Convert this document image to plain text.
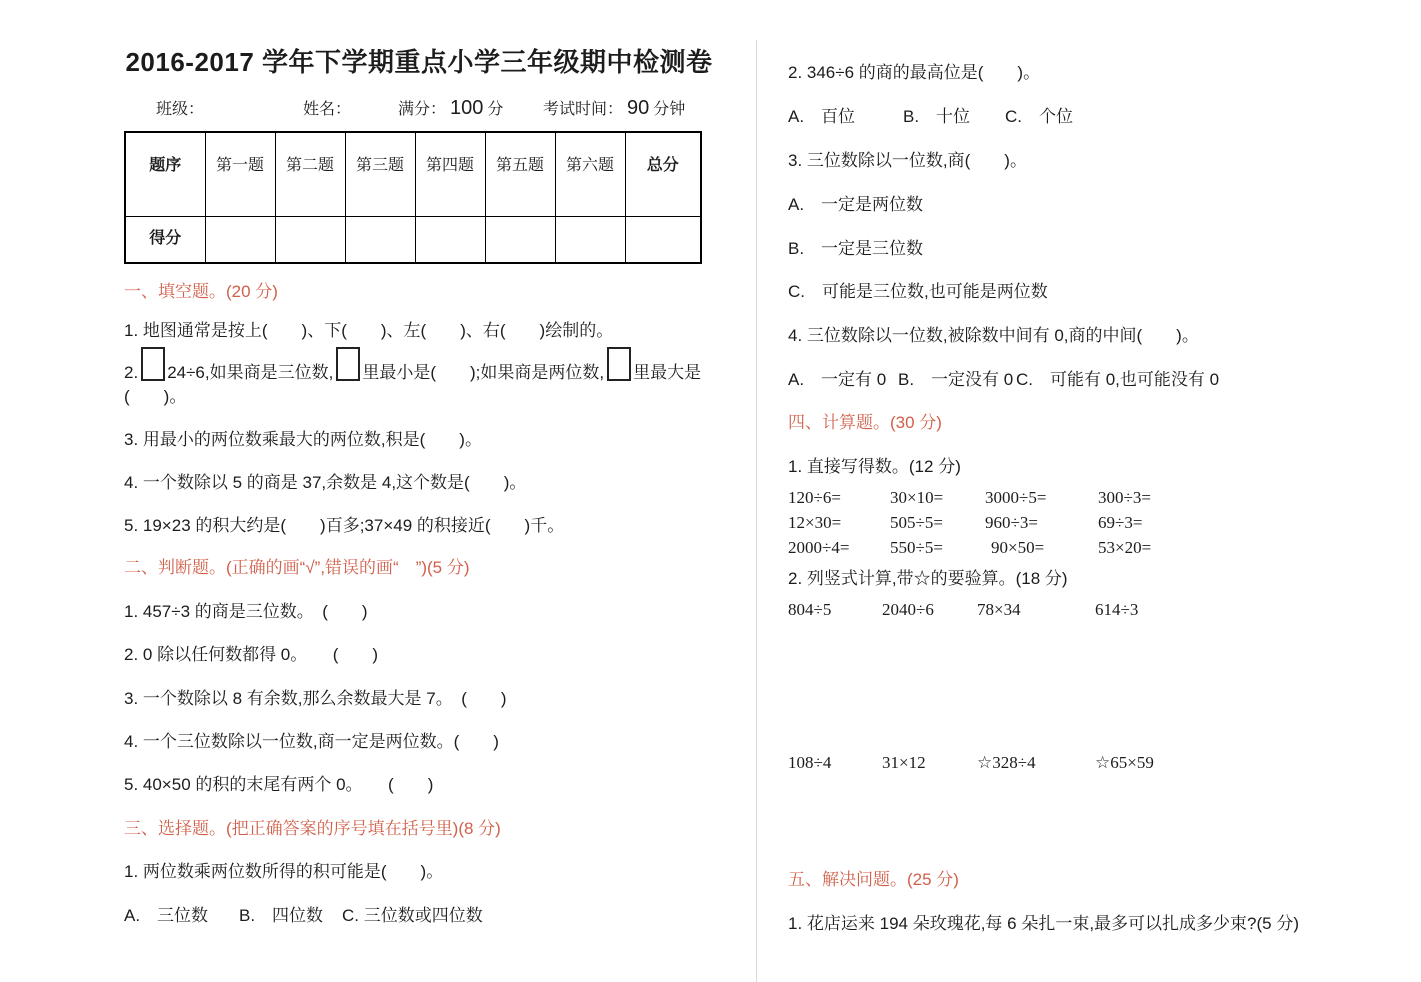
2016-2017 学年下学期重点小学三年级期中检测卷
班级：	姓名：	满分： 100 分	考试时间： 90 分钟
题序	第一题	第二题	第三题	第四题	第五题	第六题	总分
得分							
一、填空题。(20 分)
1. 地图通常是按上(　　)、下(　　)、左(　　)、右(　　)绘制的。
2. 24÷6,如果商是三位数, 里最小是(　　);如果商是两位数, 里最大是(　　)。
3. 用最小的两位数乘最大的两位数,积是(　　)。
4. 一个数除以 5 的商是 37,余数是 4,这个数是(　　)。
5. 19×23 的积大约是(　　)百多;37×49 的积接近(　　)千。
二、判断题。(正确的画“√”,错误的画“　”)(5 分)
1. 457÷3 的商是三位数。　(　　)
2. 0 除以任何数都得 0。　　(　　)
3. 一个数除以 8 有余数,那么余数最大是 7。　(　　)
4. 一个三位数除以一位数,商一定是两位数。(　　)
5. 40×50 的积的末尾有两个 0。　　(　　)
三、选择题。(把正确答案的序号填在括号里)(8 分)
1. 两位数乘两位数所得的积可能是(　　)。
A.　三位数	B.　四位数	C. 三位数或四位数
2. 346÷6 的商的最高位是(　　)。
A.　百位	B.　十位	C.　个位
3. 三位数除以一位数,商(　　)。
A.　一定是两位数
B.　一定是三位数
C.　可能是三位数,也可能是两位数
4. 三位数除以一位数,被除数中间有 0,商的中间(　　)。
A.　一定有 0 B.　一定没有 0 C.　可能有 0,也可能没有 0
四、计算题。(30 分)
1. 直接写得数。(12 分)
120÷6=	30×10=	3000÷5=	300÷3=
12×30=	505÷5=	960÷3=	69÷3=
2000÷4=	550÷5=	90×50=	53×20=
2. 列竖式计算,带☆的要验算。(18 分)
804÷5	2040÷6	78×34	614÷3
108÷4	31×12	☆328÷4	☆65×59
五、解决问题。(25 分)
1. 花店运来 194 朵玫瑰花,每 6 朵扎一束,最多可以扎成多少束?(5 分)
